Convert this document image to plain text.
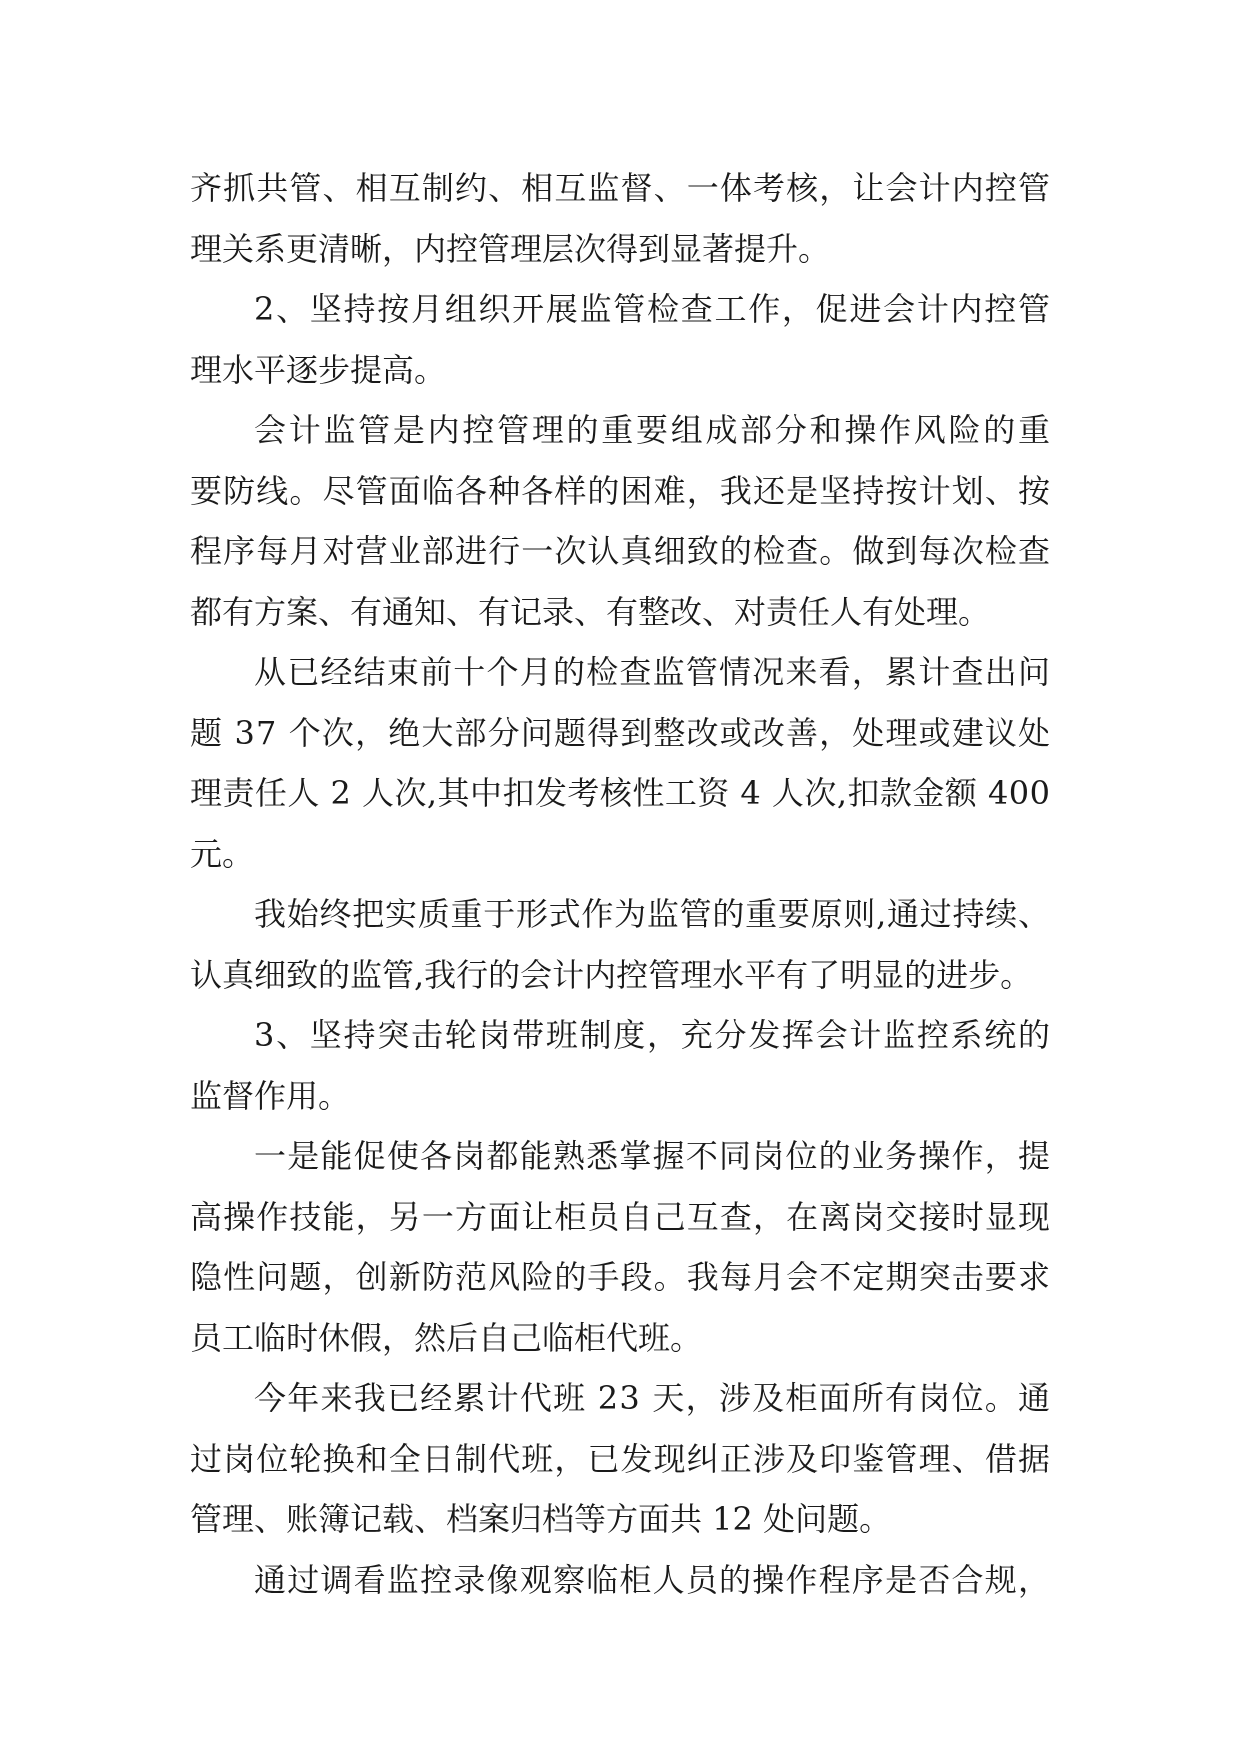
齐抓共管、相互制约、相互监督、一体考核，让会计内控管
理关系更清晰，内控管理层次得到显著提升。
2、坚持按月组织开展监管检查工作，促进会计内控管
理水平逐步提高。
会计监管是内控管理的重要组成部分和操作风险的重
要防线。尽管面临各种各样的困难，我还是坚持按计划、按
程序每月对营业部进行一次认真细致的检查。做到每次检查
都有方案、有通知、有记录、有整改、对责任人有处理。
从已经结束前十个月的检查监管情况来看，累计查出问
题 37 个次，绝大部分问题得到整改或改善，处理或建议处
理责任人 2 人次,其中扣发考核性工资 4 人次,扣款金额 400
元。
我始终把实质重于形式作为监管的重要原则,通过持续、
认真细致的监管,我行的会计内控管理水平有了明显的进步。
3、坚持突击轮岗带班制度，充分发挥会计监控系统的
监督作用。
一是能促使各岗都能熟悉掌握不同岗位的业务操作，提
高操作技能，另一方面让柜员自己互查，在离岗交接时显现
隐性问题，创新防范风险的手段。我每月会不定期突击要求
员工临时休假，然后自己临柜代班。
今年来我已经累计代班 23 天，涉及柜面所有岗位。通
过岗位轮换和全日制代班，已发现纠正涉及印鉴管理、借据
管理、账簿记载、档案归档等方面共 12 处问题。
通过调看监控录像观察临柜人员的操作程序是否合规，
